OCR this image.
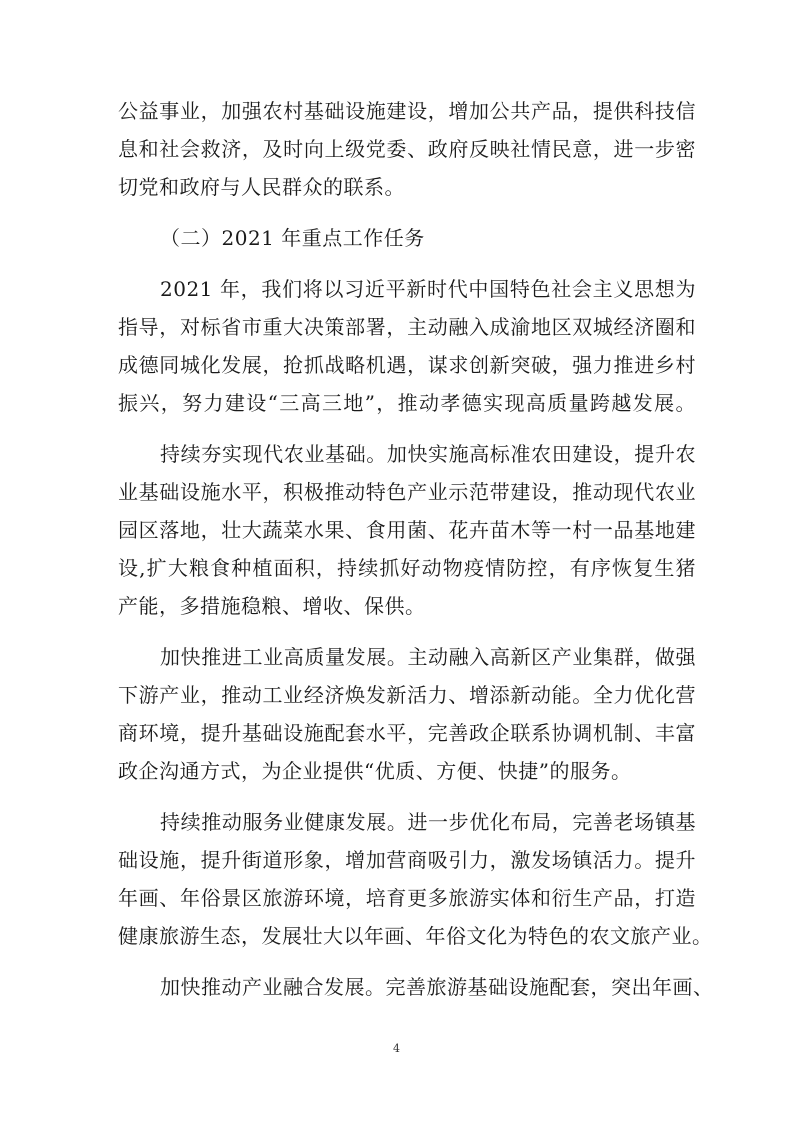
公益事业，加强农村基础设施建设，增加公共产品，提供科技信
息和社会救济，及时向上级党委、政府反映社情民意，进一步密
切党和政府与人民群众的联系。
（二）2021 年重点工作任务
2021 年，我们将以习近平新时代中国特色社会主义思想为
指导，对标省市重大决策部署，主动融入成渝地区双城经济圈和
成德同城化发展，抢抓战略机遇，谋求创新突破，强力推进乡村
振兴，努力建设“三高三地”，推动孝德实现高质量跨越发展。
持续夯实现代农业基础。加快实施高标准农田建设，提升农
业基础设施水平，积极推动特色产业示范带建设，推动现代农业
园区落地，壮大蔬菜水果、食用菌、花卉苗木等一村一品基地建
设,扩大粮食种植面积，持续抓好动物疫情防控，有序恢复生猪
产能，多措施稳粮、增收、保供。
加快推进工业高质量发展。主动融入高新区产业集群，做强
下游产业，推动工业经济焕发新活力、增添新动能。全力优化营
商环境，提升基础设施配套水平，完善政企联系协调机制、丰富
政企沟通方式，为企业提供“优质、方便、快捷”的服务。
持续推动服务业健康发展。进一步优化布局，完善老场镇基
础设施，提升街道形象，增加营商吸引力，激发场镇活力。提升
年画、年俗景区旅游环境，培育更多旅游实体和衍生产品，打造
健康旅游生态，发展壮大以年画、年俗文化为特色的农文旅产业。
加快推动产业融合发展。完善旅游基础设施配套，突出年画、
4
